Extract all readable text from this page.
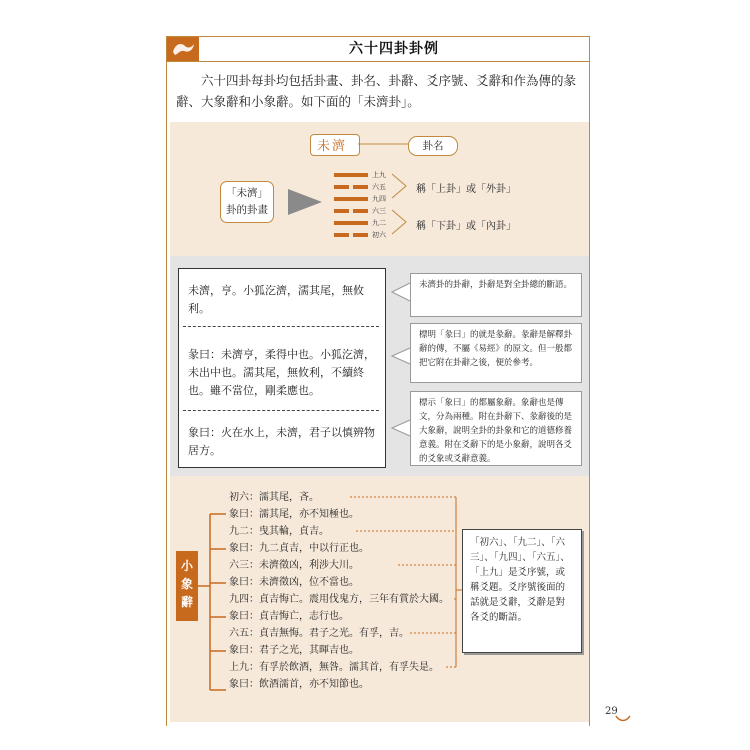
六十四卦卦例
六十四卦每卦均包括卦畫、卦名、卦辭、爻序號、爻辭和作為傳的彖辭、大象辭和小象辭。如下面的「未濟卦」。
未濟	卦名
「未濟」
卦的卦畫
上九
六五
九四
六三
九二
初六
稱「上卦」或「外卦」
稱「下卦」或「內卦」
未濟，亨。小狐汔濟，濡其尾，無攸利。
彖曰：未濟亨，柔得中也。小狐汔濟，未出中也。濡其尾，無攸利，不續終也。雖不當位，剛柔應也。
象曰：火在水上，未濟，君子以慎辨物居方。
未濟卦的卦辭，卦辭是對全卦總的斷語。
標明「彖曰」的就是彖辭。彖辭是解釋卦辭的傳，不屬《易經》的原文。但一般都把它附在卦辭之後，便於參考。
標示「象曰」的都屬象辭。象辭也是傳文，分為兩種。附在卦辭下、彖辭後的是大象辭，說明全卦的卦象和它的道德修養意義。附在爻辭下的是小象辭，說明各爻的爻象或爻辭意義。
小象辭
初六：濡其尾，吝。
象曰：濡其尾，亦不知極也。
九二：曳其輪，貞吉。
象曰：九二貞吉，中以行正也。
六三：未濟徵凶，利涉大川。
象曰：未濟徵凶，位不當也。
九四：貞吉悔亡。震用伐鬼方，三年有賞於大國。
象曰：貞吉悔亡，志行也。
六五：貞吉無悔。君子之光。有孚，吉。
象曰：君子之光，其暉吉也。
上九：有孚於飲酒，無咎。濡其首，有孚失是。
象曰：飲酒濡首，亦不知節也。
「初六」、「九二」、「六三」、「九四」、「六五」、「上九」是爻序號，或稱爻題。爻序號後面的話就是爻辭，爻辭是對各爻的斷語。
29
